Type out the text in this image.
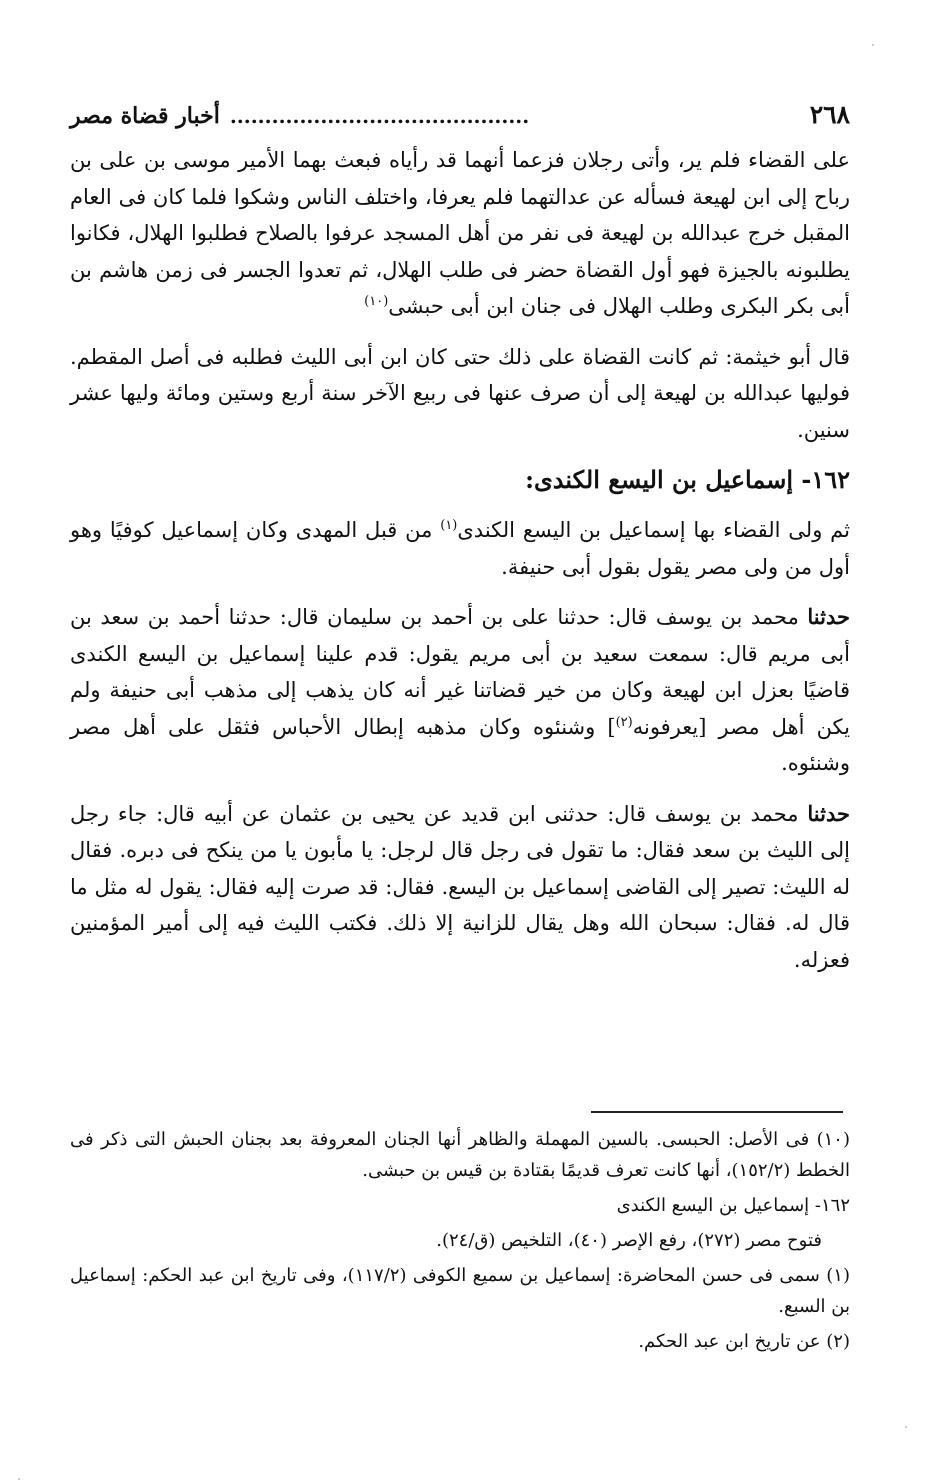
٢٦٨
...........................................
أخبار قضاة مصر

على القضاء فلم ير، وأتى رجلان فزعما أنهما قد رأياه فبعث بهما الأمير موسى بن على بن رباح إلى ابن لهيعة فسأله عن عدالتهما فلم يعرفا، واختلف الناس وشكوا فلما كان فى العام المقبل خرج عبدالله بن لهيعة فى نفر من أهل المسجد عرفوا بالصلاح فطلبوا الهلال، فكانوا يطلبونه بالجيزة فهو أول القضاة حضر فى طلب الهلال، ثم تعدوا الجسر فى زمن هاشم بن أبى بكر البكرى وطلب الهلال فى جنان ابن أبى حبشى$^{(١٠)}$

قال أبو خيثمة: ثم كانت القضاة على ذلك حتى كان ابن أبى الليث فطلبه فى أصل المقطم. فوليها عبدالله بن لهيعة إلى أن صرف عنها فى ربيع الآخر سنة أربع وستين ومائة وليها عشر سنين.

١٦٢- إسماعيل بن اليسع الكندى:

ثم ولى القضاء بها إسماعيل بن اليسع الكندى$^{(١)}$ من قبل المهدى وكان إسماعيل كوفيًا وهو أول من ولى مصر يقول بقول أبى حنيفة.

حدثنا محمد بن يوسف قال: حدثنا على بن أحمد بن سليمان قال: حدثنا أحمد بن سعد بن أبى مريم قال: سمعت سعيد بن أبى مريم يقول: قدم علينا إسماعيل بن اليسع الكندى قاضيًا بعزل ابن لهيعة وكان من خير قضاتنا غير أنه كان يذهب إلى مذهب أبى حنيفة ولم يكن أهل مصر [يعرفونه$^{(٢)}$] وشنئوه وكان مذهبه إبطال الأحباس فثقل على أهل مصر وشنئوه.

حدثنا محمد بن يوسف قال: حدثنى ابن قديد عن يحيى بن عثمان عن أبيه قال: جاء رجل إلى الليث بن سعد فقال: ما تقول فى رجل قال لرجل: يا مأبون يا من ينكح فى دبره. فقال له الليث: تصير إلى القاضى إسماعيل بن اليسع. فقال: قد صرت إليه فقال: يقول له مثل ما قال له. فقال: سبحان الله وهل يقال للزانية إلا ذلك. فكتب الليث فيه إلى أمير المؤمنين فعزله.

(١٠) فى الأصل: الحبسى. بالسين المهملة والظاهر أنها الجنان المعروفة بعد بجنان الحبش التى ذكر فى الخطط (١٥٢/٢)، أنها كانت تعرف قديمًا بقتادة بن قيس بن حبشى.

١٦٢- إسماعيل بن اليسع الكندى

فتوح مصر (٢٧٢)، رفع الإصر (٤٠)، التلخيص (ق/٢٤).

(١) سمى فى حسن المحاضرة: إسماعيل بن سميع الكوفى (١١٧/٢)، وفى تاريخ ابن عبد الحكم: إسماعيل بن السبع.

(٢) عن تاريخ ابن عبد الحكم.
